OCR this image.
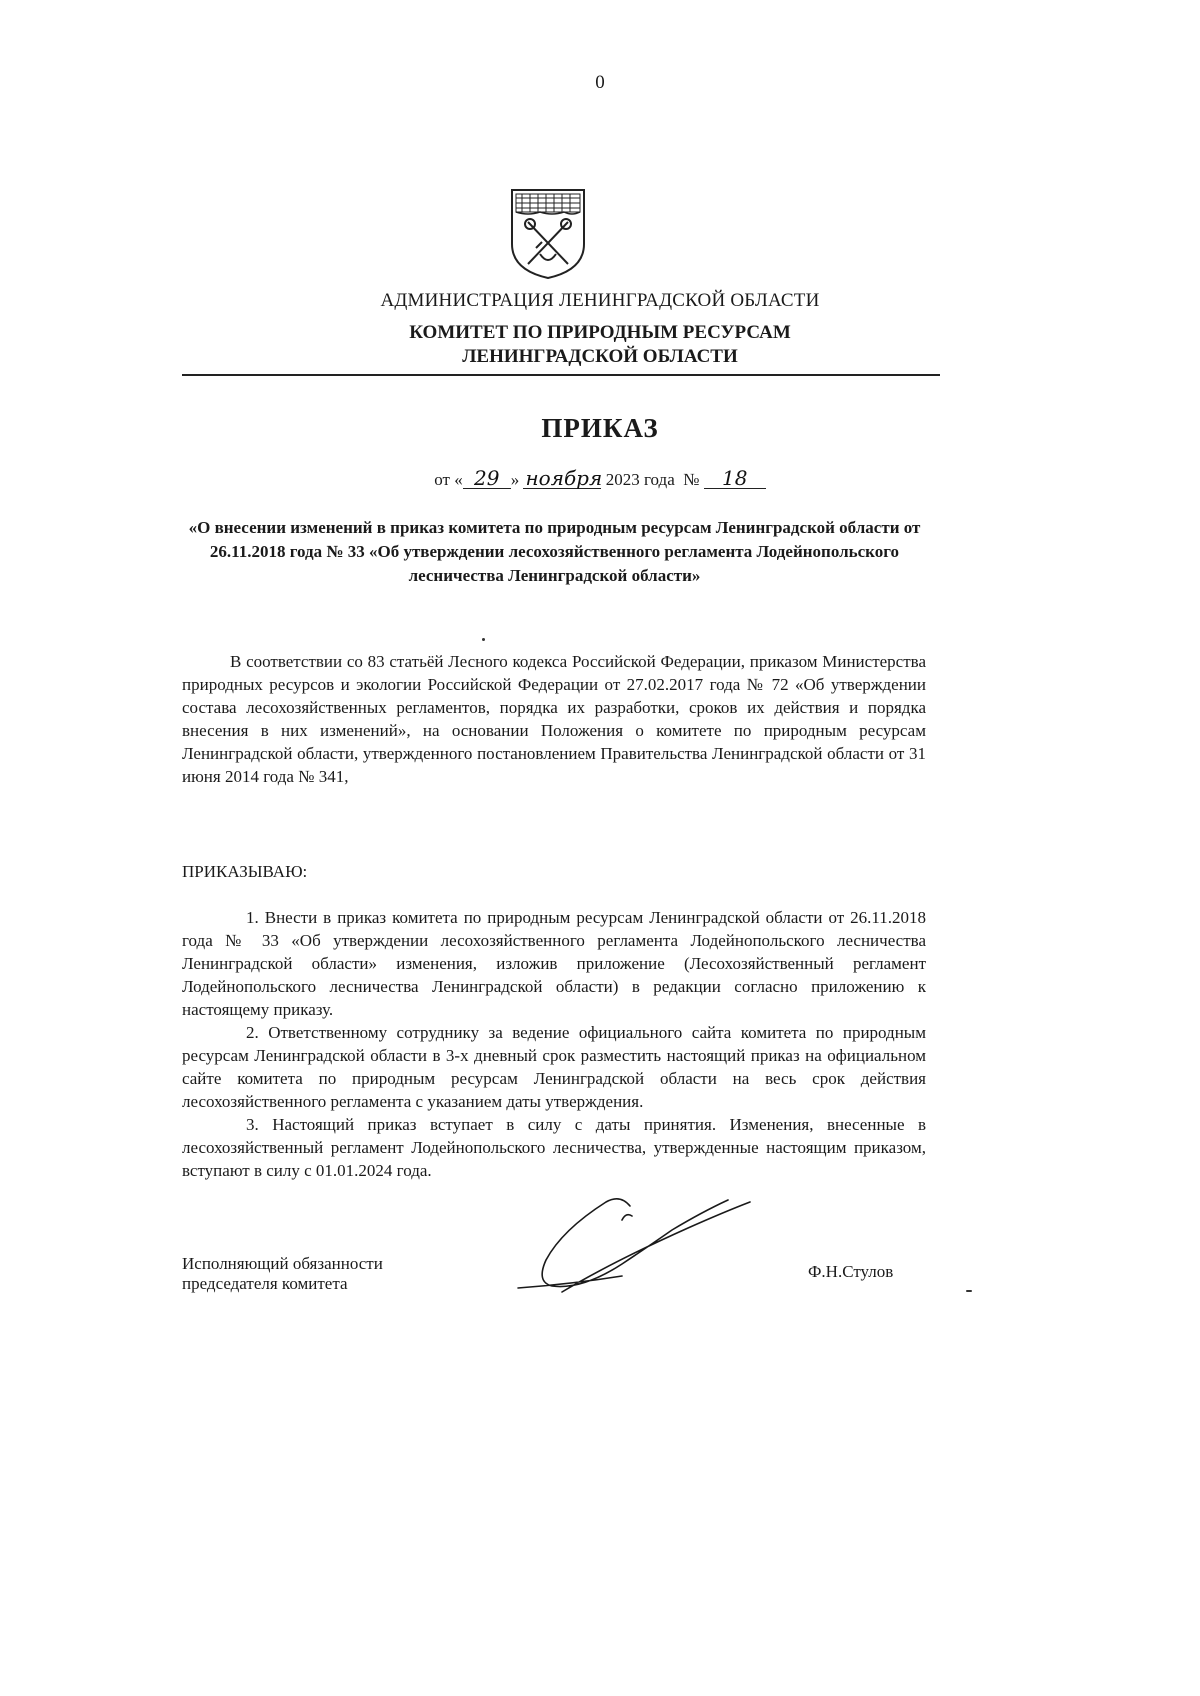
0
АДМИНИСТРАЦИЯ ЛЕНИНГРАДСКОЙ ОБЛАСТИ
КОМИТЕТ ПО ПРИРОДНЫМ РЕСУРСАМ
ЛЕНИНГРАДСКОЙ ОБЛАСТИ
ПРИКАЗ
от « 29 » ноября 2023 года № 18
«О внесении изменений в приказ комитета по природным ресурсам Ленинградской области от 26.11.2018 года № 33 «Об утверждении лесохозяйственного регламента Лодейнопольского лесничества Ленинградской области»
В соответствии со 83 статьёй Лесного кодекса Российской Федерации, приказом Министерства природных ресурсов и экологии Российской Федерации от 27.02.2017 года № 72 «Об утверждении состава лесохозяйственных регламентов, порядка их разработки, сроков их действия и порядка внесения в них изменений», на основании Положения о комитете по природным ресурсам Ленинградской области, утвержденного постановлением Правительства Ленинградской области от 31 июня 2014 года № 341,
ПРИКАЗЫВАЮ:

1. Внести в приказ комитета по природным ресурсам Ленинградской области от 26.11.2018 года № 33 «Об утверждении лесохозяйственного регламента Лодейнопольского лесничества Ленинградской области» изменения, изложив приложение (Лесохозяйственный регламент Лодейнопольского лесничества Ленинградской области) в редакции согласно приложению к настоящему приказу.

2. Ответственному сотруднику за ведение официального сайта комитета по природным ресурсам Ленинградской области в 3-х дневный срок разместить настоящий приказ на официальном сайте комитета по природным ресурсам Ленинградской области на весь срок действия лесохозяйственного регламента с указанием даты утверждения.

3. Настоящий приказ вступает в силу с даты принятия. Изменения, внесенные в лесохозяйственный регламент Лодейнопольского лесничества, утвержденные настоящим приказом, вступают в силу с 01.01.2024 года.

Исполняющий обязанности
председателя комитета
Ф.Н.Стулов
